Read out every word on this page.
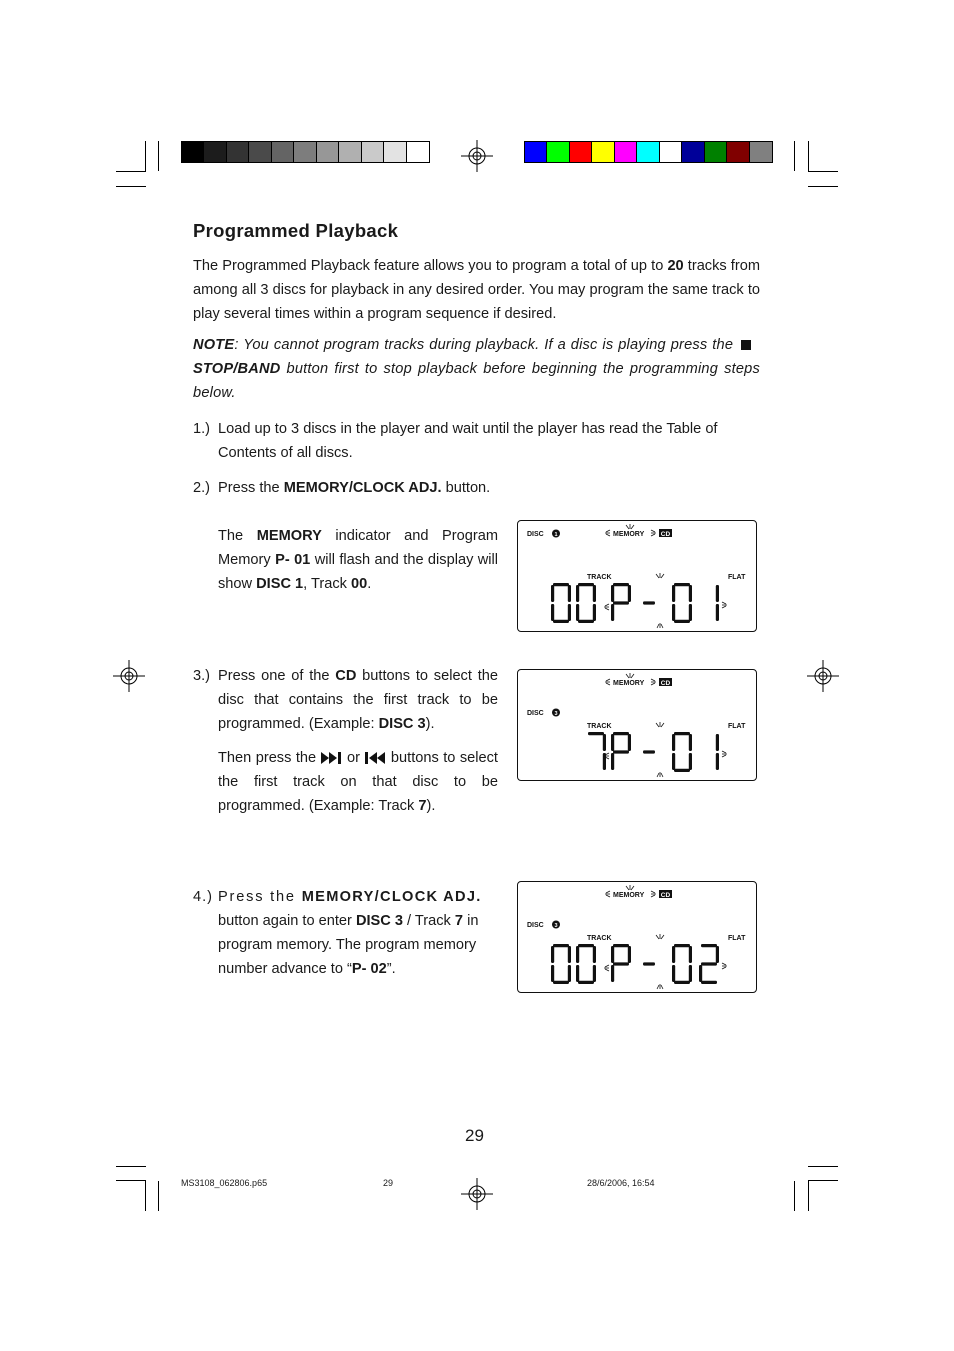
Programmed Playback

The Programmed Playback feature allows you to program a total of up to 20 tracks from among all 3 discs for playback in any desired order. You may program the same track to play several times within a program sequence if desired.

NOTE: You cannot program tracks during playback. If a disc is playing press the STOP/BAND button first to stop playback before beginning the programming steps below.

1.) Load up to 3 discs in the player and wait until the player has read the Table of Contents of all discs.

2.) Press the MEMORY/CLOCK ADJ. button.

The MEMORY indicator and Program Memory P- 01 will flash and the display will show DISC 1, Track 00.

3.) Press one of the CD buttons to select the disc that contains the first track to be programmed. (Example: DISC 3).

Then press the  or  buttons to select the first track on that disc to be programmed. (Example: Track 7).

4.) Press the MEMORY/CLOCK ADJ. button again to enter DISC 3 / Track 7 in program memory. The program memory number advance to “P- 02”.

MEMORY	CD
DISC 1
TRACK	FLAT
MEMORY	CD
DISC 3
TRACK	FLAT
MEMORY	CD
DISC 3
TRACK	FLAT
29
MS3108_062806.p65	29	28/6/2006, 16:54
